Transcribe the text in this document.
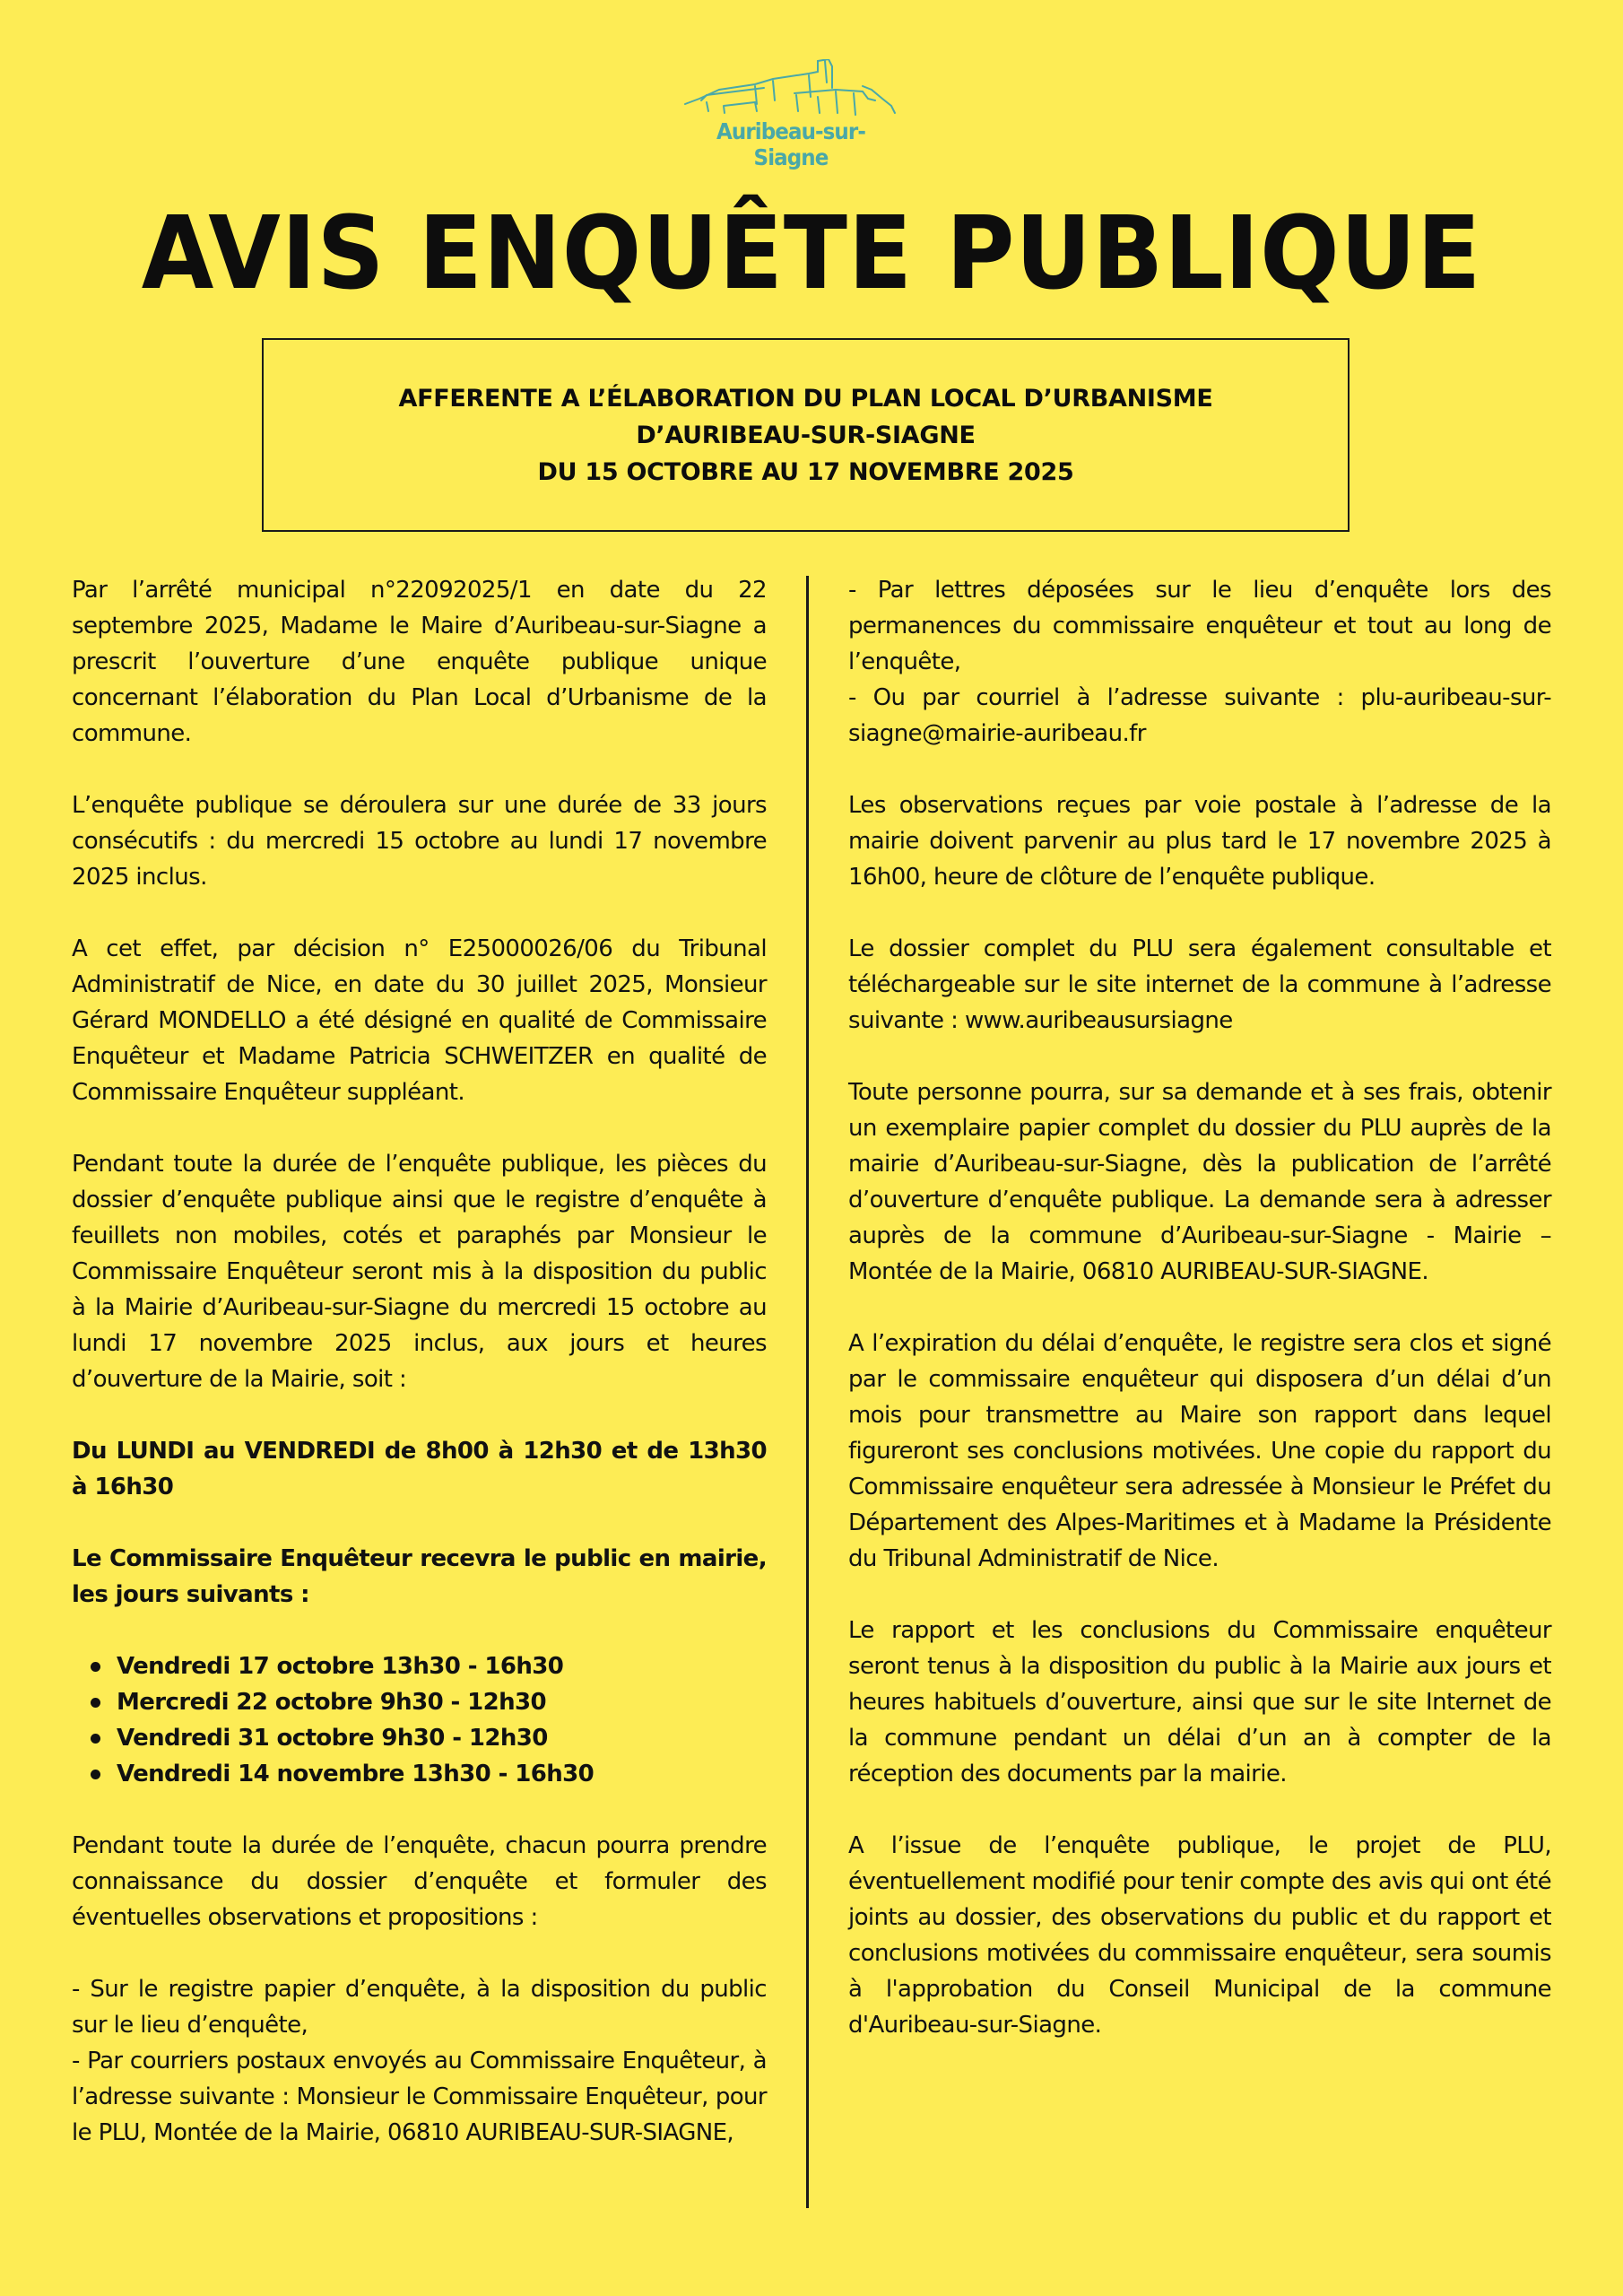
Auribeau-sur-Siagne
AVIS ENQUÊTE PUBLIQUE
AFFERENTE A L’ÉLABORATION DU PLAN LOCAL D’URBANISME
D’AURIBEAU-SUR-SIAGNE
DU 15 OCTOBRE AU 17 NOVEMBRE 2025

Par l’arrêté municipal n°22092025/1 en date du 22 septembre 2025, Madame le Maire d’Auribeau-sur-Siagne a prescrit l’ouverture d’une enquête publique unique concernant l’élaboration du Plan Local d’Urbanisme de la commune.

L’enquête publique se déroulera sur une durée de 33 jours consécutifs : du mercredi 15 octobre au lundi 17 novembre 2025 inclus.

A cet effet, par décision n° E25000026/06 du Tribunal Administratif de Nice, en date du 30 juillet 2025, Monsieur Gérard MONDELLO a été désigné en qualité de Commissaire Enquêteur et Madame Patricia SCHWEITZER en qualité de Commissaire Enquêteur suppléant.

Pendant toute la durée de l’enquête publique, les pièces du dossier d’enquête publique ainsi que le registre d’enquête à feuillets non mobiles, cotés et paraphés par Monsieur le Commissaire Enquêteur seront mis à la disposition du public à la Mairie d’Auribeau-sur-Siagne du mercredi 15 octobre au lundi 17 novembre 2025 inclus, aux jours et heures d’ouverture de la Mairie, soit :

Du LUNDI au VENDREDI de 8h00 à 12h30 et de 13h30 à 16h30

Le Commissaire Enquêteur recevra le public en mairie, les jours suivants :

Vendredi 17 octobre 13h30 - 16h30
Mercredi 22 octobre 9h30 - 12h30
Vendredi 31 octobre 9h30 - 12h30
Vendredi 14 novembre 13h30 - 16h30

Pendant toute la durée de l’enquête, chacun pourra prendre connaissance du dossier d’enquête et formuler des éventuelles observations et propositions :

- Sur le registre papier d’enquête, à la disposition du public sur le lieu d’enquête,

- Par courriers postaux envoyés au Commissaire Enquêteur, à l’adresse suivante : Monsieur le Commissaire Enquêteur, pour le PLU, Montée de la Mairie, 06810 AURIBEAU-SUR-SIAGNE,

- Par lettres déposées sur le lieu d’enquête lors des permanences du commissaire enquêteur et tout au long de l’enquête,

- Ou par courriel à l’adresse suivante : plu-auribeau-sur-siagne@mairie-auribeau.fr

Les observations reçues par voie postale à l’adresse de la mairie doivent parvenir au plus tard le 17 novembre 2025 à 16h00, heure de clôture de l’enquête publique.

Le dossier complet du PLU sera également consultable et téléchargeable sur le site internet de la commune à l’adresse suivante : www.auribeausursiagne

Toute personne pourra, sur sa demande et à ses frais, obtenir un exemplaire papier complet du dossier du PLU auprès de la mairie d’Auribeau-sur-Siagne, dès la publication de l’arrêté d’ouverture d’enquête publique. La demande sera à adresser auprès de la commune d’Auribeau-sur-Siagne - Mairie – Montée de la Mairie, 06810 AURIBEAU-SUR-SIAGNE.

A l’expiration du délai d’enquête, le registre sera clos et signé par le commissaire enquêteur qui disposera d’un délai d’un mois pour transmettre au Maire son rapport dans lequel figureront ses conclusions motivées. Une copie du rapport du Commissaire enquêteur sera adressée à Monsieur le Préfet du Département des Alpes-Maritimes et à Madame la Présidente du Tribunal Administratif de Nice.

Le rapport et les conclusions du Commissaire enquêteur seront tenus à la disposition du public à la Mairie aux jours et heures habituels d’ouverture, ainsi que sur le site Internet de la commune pendant un délai d’un an à compter de la réception des documents par la mairie.

A l’issue de l’enquête publique, le projet de PLU, éventuellement modifié pour tenir compte des avis qui ont été joints au dossier, des observations du public et du rapport et conclusions motivées du commissaire enquêteur, sera soumis à l'approbation du Conseil Municipal de la commune d'Auribeau-sur-Siagne.
